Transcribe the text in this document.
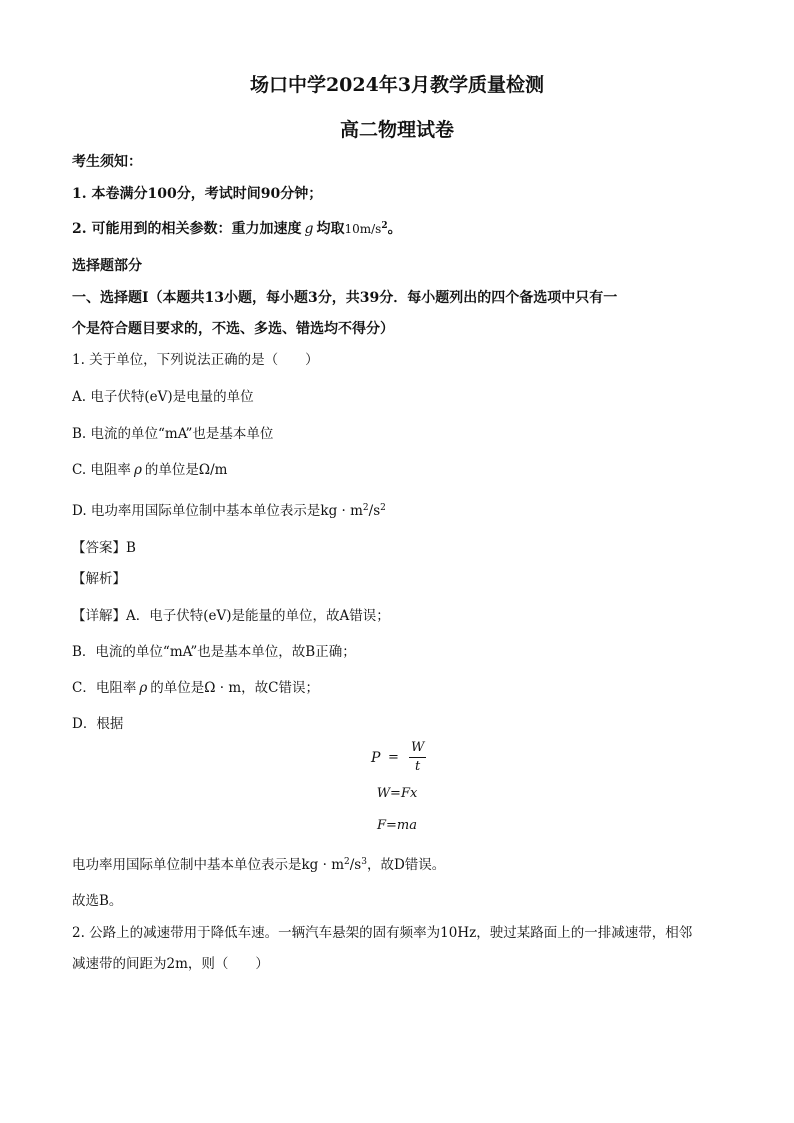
场口中学2024年3月教学质量检测
高二物理试卷
考生须知：
1. 本卷满分100分，考试时间90分钟；
2. 可能用到的相关参数：重力加速度 g 均取$10m/s^2$。
选择题部分
一、选择题Ⅰ（本题共13小题，每小题3分，共39分．每小题列出的四个备选项中只有一
个是符合题目要求的，不选、多选、错选均不得分）
1. 关于单位，下列说法正确的是（　　）
A. 电子伏特(eV)是电量的单位
B. 电流的单位“mA”也是基本单位
C. 电阻率 ρ 的单位是Ω/m
D. 电功率用国际单位制中基本单位表示是kg · $m^2/s^2$
【答案】B
【解析】
【详解】A．电子伏特(eV)是能量的单位，故A错误；
B．电流的单位“mA”也是基本单位，故B正确；
C．电阻率 ρ 的单位是Ω · m，故C错误；
D．根据
P =
W
t
W=Fx
F=ma
电功率用国际单位制中基本单位表示是kg · $m^2/s^3$，故D错误。
故选B。
2. 公路上的减速带用于降低车速。一辆汽车悬架的固有频率为10Hz，驶过某路面上的一排减速带，相邻
减速带的间距为2m，则（　　）
